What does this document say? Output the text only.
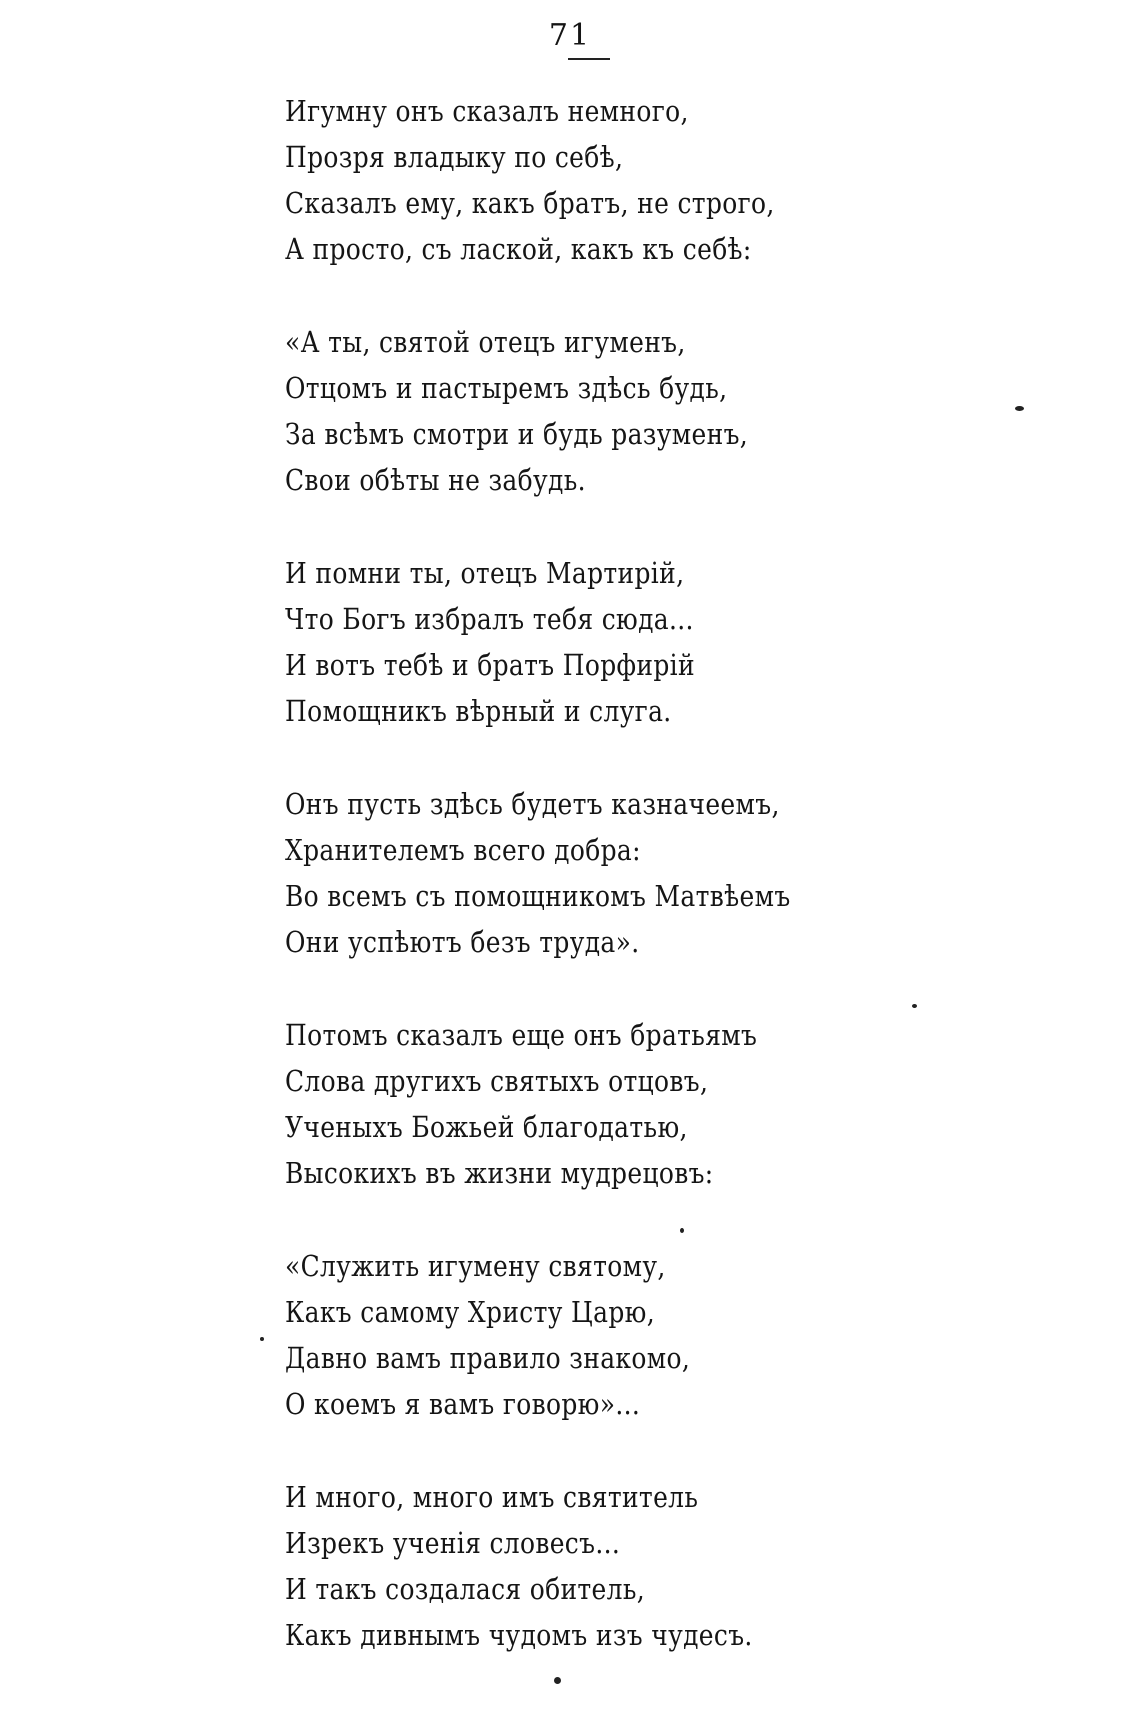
71
Игумну онъ сказалъ немного,
Прозря владыку по себѣ,
Сказалъ ему, какъ братъ, не строго,
А просто, съ лаской, какъ къ себѣ:
«А ты, святой отецъ игуменъ,
Отцомъ и пастыремъ здѣсь будь,
За всѣмъ смотри и будь разуменъ,
Свои обѣты не забудь.
И помни ты, отецъ Мартирій,
Что Богъ избралъ тебя сюда...
И вотъ тебѣ и братъ Порфирій
Помощникъ вѣрный и слуга.
Онъ пусть здѣсь будетъ казначеемъ,
Хранителемъ всего добра:
Во всемъ съ помощникомъ Матвѣемъ
Они успѣютъ безъ труда».
Потомъ сказалъ еще онъ братьямъ
Слова другихъ святыхъ отцовъ,
Ученыхъ Божьей благодатью,
Высокихъ въ жизни мудрецовъ:
«Служить игумену святому,
Какъ самому Христу Царю,
Давно вамъ правило знакомо,
О коемъ я вамъ говорю»...
И много, много имъ святитель
Изрекъ ученія словесъ...
И такъ создалася обитель,
Какъ дивнымъ чудомъ изъ чудесъ.
